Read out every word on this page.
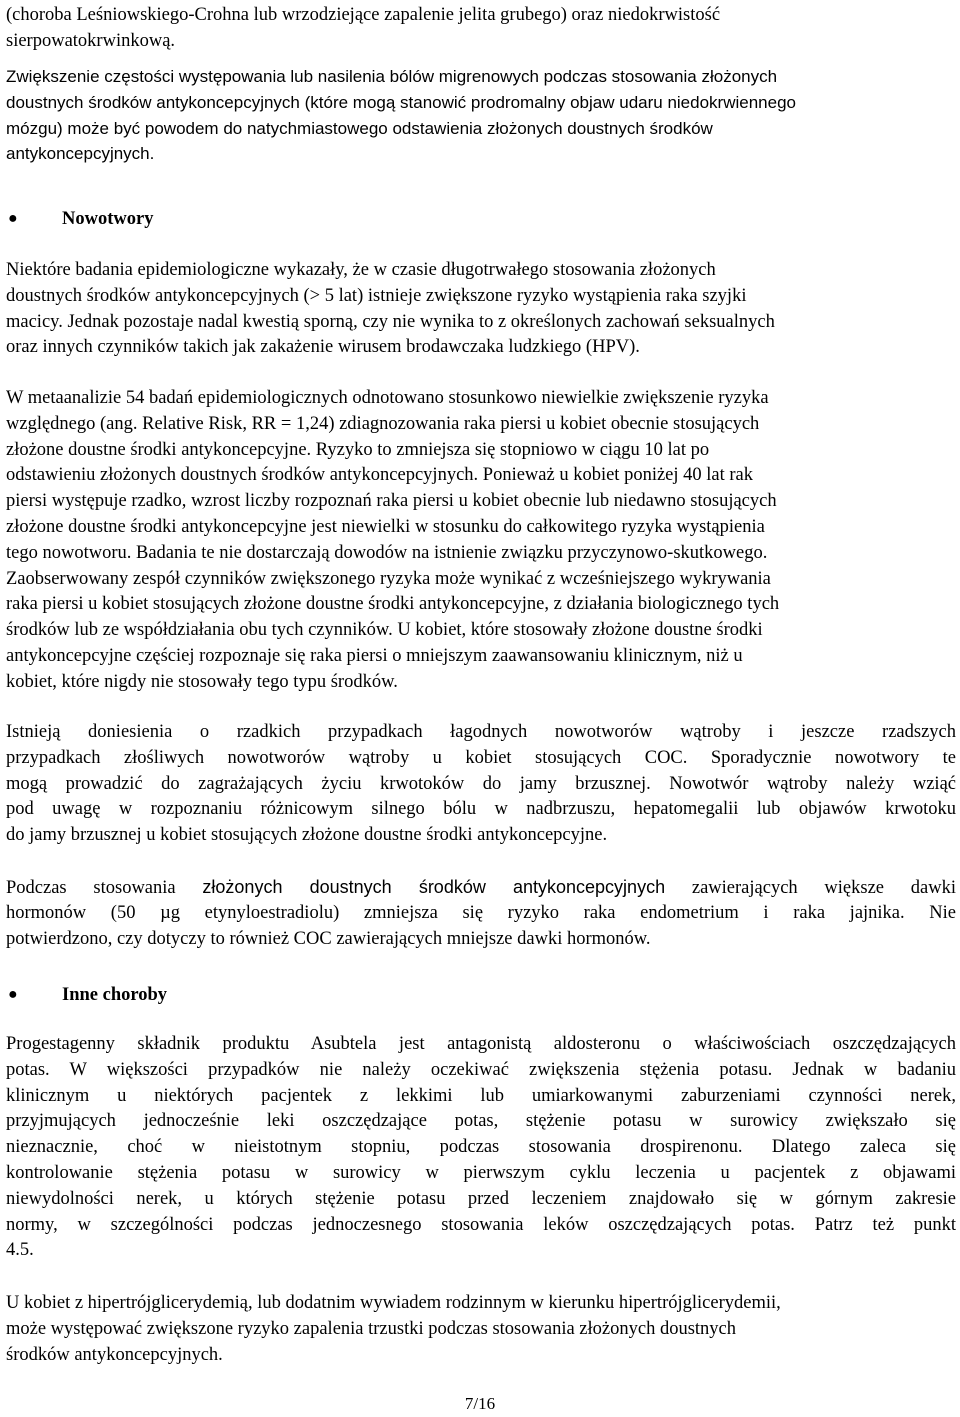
(choroba Leśniowskiego-Crohna lub wrzodziejące zapalenie jelita grubego) oraz niedokrwistość
sierpowatokrwinkową.
Zwiększenie częstości występowania lub nasilenia bólów migrenowych podczas stosowania złożonych
doustnych środków antykoncepcyjnych (które mogą stanowić prodromalny objaw udaru niedokrwiennego
mózgu) może być powodem do natychmiastowego odstawienia złożonych doustnych środków
antykoncepcyjnych.
● Nowotwory
Niektóre badania epidemiologiczne wykazały, że w czasie długotrwałego stosowania złożonych
doustnych środków antykoncepcyjnych (> 5 lat) istnieje zwiększone ryzyko wystąpienia raka szyjki
macicy. Jednak pozostaje nadal kwestią sporną, czy nie wynika to z określonych zachowań seksualnych
oraz innych czynników takich jak zakażenie wirusem brodawczaka ludzkiego (HPV).
W metaanalizie 54 badań epidemiologicznych odnotowano stosunkowo niewielkie zwiększenie ryzyka
względnego (ang. Relative Risk, RR = 1,24) zdiagnozowania raka piersi u kobiet obecnie stosujących
złożone doustne środki antykoncepcyjne. Ryzyko to zmniejsza się stopniowo w ciągu 10 lat po
odstawieniu złożonych doustnych środków antykoncepcyjnych. Ponieważ u kobiet poniżej 40 lat rak
piersi występuje rzadko, wzrost liczby rozpoznań raka piersi u kobiet obecnie lub niedawno stosujących
złożone doustne środki antykoncepcyjne jest niewielki w stosunku do całkowitego ryzyka wystąpienia
tego nowotworu. Badania te nie dostarczają dowodów na istnienie związku przyczynowo-skutkowego.
Zaobserwowany zespół czynników zwiększonego ryzyka może wynikać z wcześniejszego wykrywania
raka piersi u kobiet stosujących złożone doustne środki antykoncepcyjne, z działania biologicznego tych
środków lub ze współdziałania obu tych czynników. U kobiet, które stosowały złożone doustne środki
antykoncepcyjne częściej rozpoznaje się raka piersi o mniejszym zaawansowaniu klinicznym, niż u
kobiet, które nigdy nie stosowały tego typu środków.
Istnieją doniesienia o rzadkich przypadkach łagodnych nowotworów wątroby i jeszcze rzadszych
przypadkach złośliwych nowotworów wątroby u kobiet stosujących COC. Sporadycznie nowotwory te
mogą prowadzić do zagrażających życiu krwotoków do jamy brzusznej. Nowotwór wątroby należy wziąć
pod uwagę w rozpoznaniu różnicowym silnego bólu w nadbrzuszu, hepatomegalii lub objawów krwotoku
do jamy brzusznej u kobiet stosujących złożone doustne środki antykoncepcyjne.
Podczas stosowania złożonych doustnych środków antykoncepcyjnych zawierających większe dawki
hormonów (50 µg etynyloestradiolu) zmniejsza się ryzyko raka endometrium i raka jajnika. Nie
potwierdzono, czy dotyczy to również COC zawierających mniejsze dawki hormonów.
● Inne choroby
Progestagenny składnik produktu Asubtela jest antagonistą aldosteronu o właściwościach oszczędzających
potas. W większości przypadków nie należy oczekiwać zwiększenia stężenia potasu. Jednak w badaniu
klinicznym u niektórych pacjentek z lekkimi lub umiarkowanymi zaburzeniami czynności nerek,
przyjmujących jednocześnie leki oszczędzające potas, stężenie potasu w surowicy zwiększało się
nieznacznie, choć w nieistotnym stopniu, podczas stosowania drospirenonu. Dlatego zaleca się
kontrolowanie stężenia potasu w surowicy w pierwszym cyklu leczenia u pacjentek z objawami
niewydolności nerek, u których stężenie potasu przed leczeniem znajdowało się w górnym zakresie
normy, w szczególności podczas jednoczesnego stosowania leków oszczędzających potas. Patrz też punkt
4.5.
U kobiet z hipertrójglicerydemią, lub dodatnim wywiadem rodzinnym w kierunku hipertrójglicerydemii,
może występować zwiększone ryzyko zapalenia trzustki podczas stosowania złożonych doustnych
środków antykoncepcyjnych.
7/16
